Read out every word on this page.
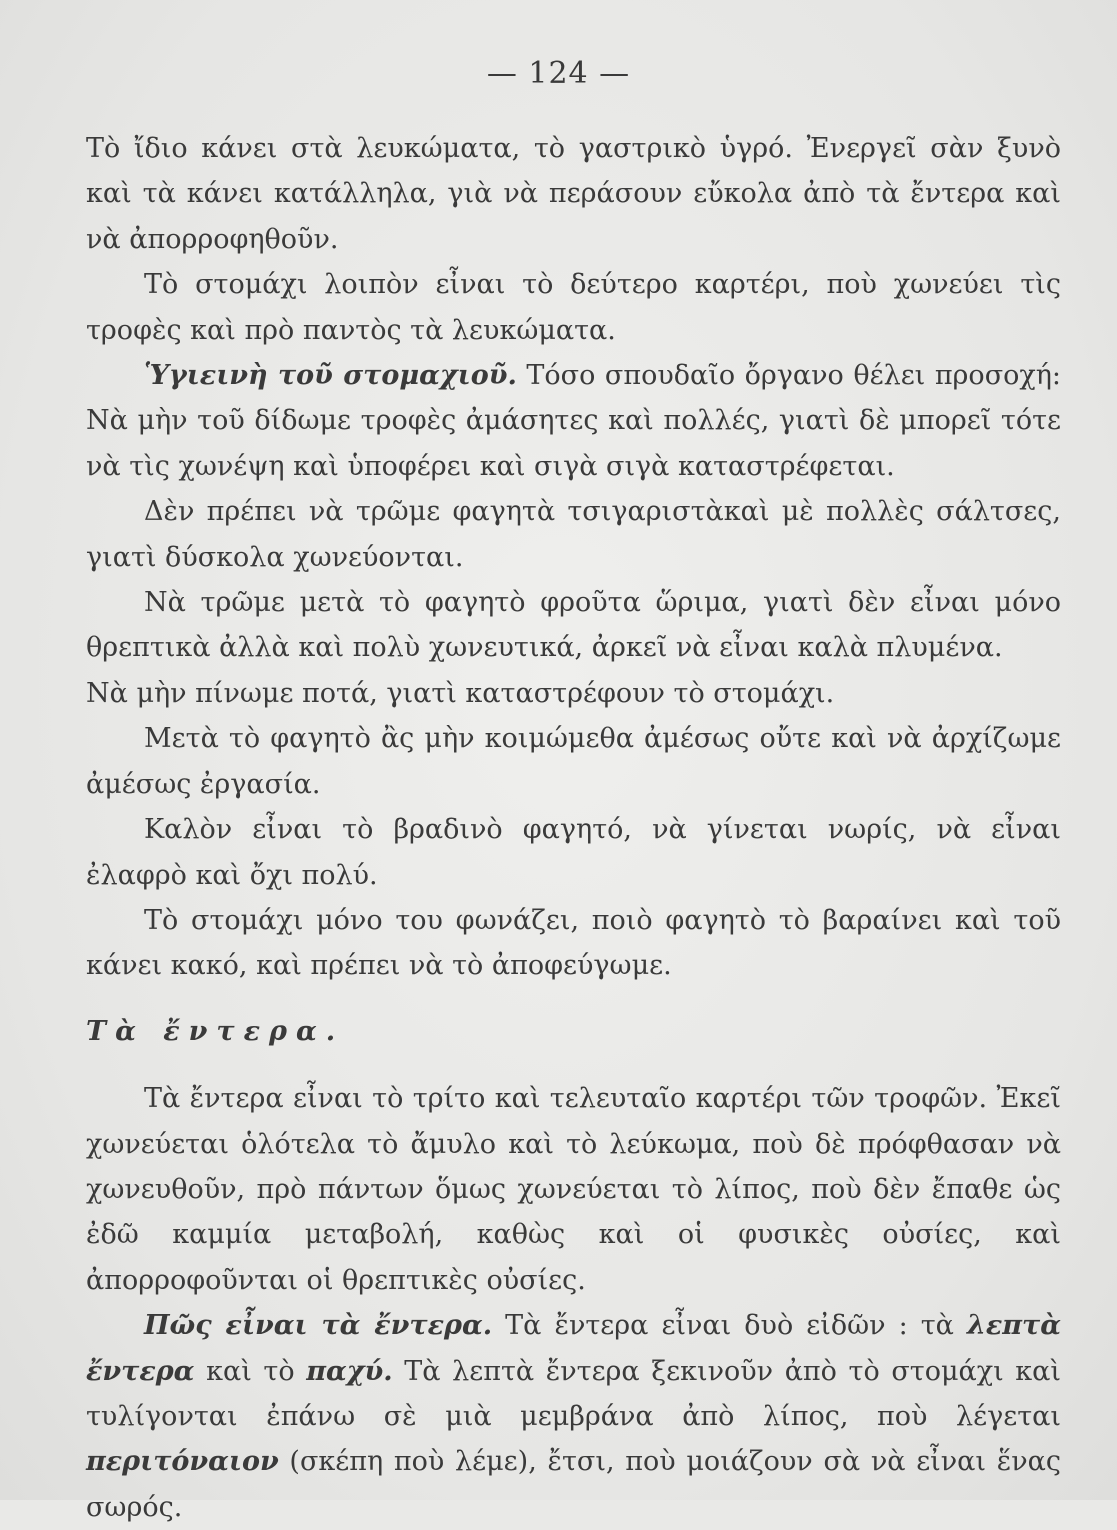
— 124 —

Τὸ ἴδιο κάνει στὰ λευκώματα, τὸ γαστρικὸ ὑγρό. Ἐνεργεῖ σὰν ξυνὸ καὶ τὰ κάνει κατάλληλα, γιὰ νὰ περάσουν εὔκολα ἀπὸ τὰ ἔντερα καὶ νὰ ἀπορροφηθοῦν.

Τὸ στομάχι λοιπὸν εἶναι τὸ δεύτερο καρτέρι, ποὺ χωνεύει τὶς τροφὲς καὶ πρὸ παντὸς τὰ λευκώματα.

Ὑγιεινὴ τοῦ στομαχιοῦ. Τόσο σπουδαῖο ὄργανο θέλει προσοχή: Νὰ μὴν τοῦ δίδωμε τροφὲς ἀμάσητες καὶ πολλές, γιατὶ δὲ μπορεῖ τότε νὰ τὶς χωνέψη καὶ ὑποφέρει καὶ σιγὰ σιγὰ καταστρέφεται.

Δὲν πρέπει νὰ τρῶμε φαγητὰ τσιγαριστὰκαὶ μὲ πολλὲς σάλτσες, γιατὶ δύσκολα χωνεύονται.

Νὰ τρῶμε μετὰ τὸ φαγητὸ φροῦτα ὥριμα, γιατὶ δὲν εἶναι μόνο θρεπτικὰ ἀλλὰ καὶ πολὺ χωνευτικά, ἀρκεῖ νὰ εἶναι καλὰ πλυμένα.

Νὰ μὴν πίνωμε ποτά, γιατὶ καταστρέφουν τὸ στομάχι.

Μετὰ τὸ φαγητὸ ἂς μὴν κοιμώμεθα ἀμέσως οὔτε καὶ νὰ ἀρχίζωμε ἀμέσως ἐργασία.

Καλὸν εἶναι τὸ βραδινὸ φαγητό, νὰ γίνεται νωρίς, νὰ εἶναι ἐλαφρὸ καὶ ὄχι πολύ.

Τὸ στομάχι μόνο του φωνάζει, ποιὸ φαγητὸ τὸ βαραίνει καὶ τοῦ κάνει κακό, καὶ πρέπει νὰ τὸ ἀποφεύγωμε.

Τὰ ἔντερα.

Τὰ ἔντερα εἶναι τὸ τρίτο καὶ τελευταῖο καρτέρι τῶν τροφῶν. Ἐκεῖ χωνεύεται ὁλότελα τὸ ἄμυλο καὶ τὸ λεύκωμα, ποὺ δὲ πρόφθασαν νὰ χωνευθοῦν, πρὸ πάντων ὅμως χωνεύεται τὸ λίπος, ποὺ δὲν ἔπαθε ὡς ἐδῶ καμμία μεταβολή, καθὼς καὶ οἱ φυσικὲς οὐσίες, καὶ ἀπορροφοῦνται οἱ θρεπτικὲς οὐσίες.

Πῶς εἶναι τὰ ἔντερα. Τὰ ἔντερα εἶναι δυὸ εἰδῶν : τὰ λεπτὰ ἔντερα καὶ τὸ παχύ. Τὰ λεπτὰ ἔντερα ξεκινοῦν ἀπὸ τὸ στομάχι καὶ τυλίγονται ἐπάνω σὲ μιὰ μεμβράνα ἀπὸ λίπος, ποὺ λέγεται περιτόναιον (σκέπη ποὺ λέμε), ἔτσι, ποὺ μοιάζουν σὰ νὰ εἶναι ἕνας σωρός.
